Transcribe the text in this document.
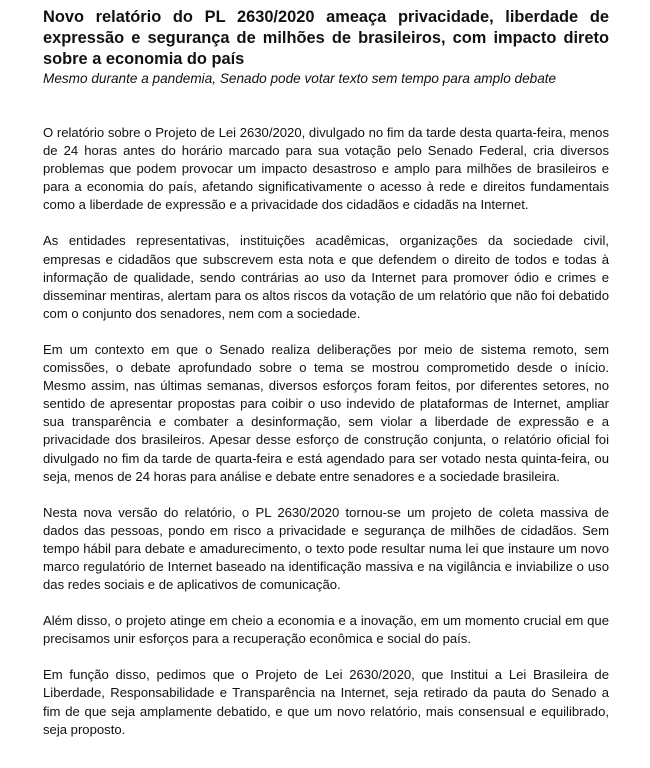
Novo relatório do PL 2630/2020 ameaça privacidade, liberdade de expressão e segurança de milhões de brasileiros, com impacto direto sobre a economia do país

Mesmo durante a pandemia, Senado pode votar texto sem tempo para amplo debate

O relatório sobre o Projeto de Lei 2630/2020, divulgado no fim da tarde desta quarta-feira, menos de 24 horas antes do horário marcado para sua votação pelo Senado Federal, cria diversos problemas que podem provocar um impacto desastroso e amplo para milhões de brasileiros e para a economia do país, afetando significativamente o acesso à rede e direitos fundamentais como a liberdade de expressão e a privacidade dos cidadãos e cidadãs na Internet.

As entidades representativas, instituições acadêmicas, organizações da sociedade civil, empresas e cidadãos que subscrevem esta nota e que defendem o direito de todos e todas à informação de qualidade, sendo contrárias ao uso da Internet para promover ódio e crimes e disseminar mentiras, alertam para os altos riscos da votação de um relatório que não foi debatido com o conjunto dos senadores, nem com a sociedade.

Em um contexto em que o Senado realiza deliberações por meio de sistema remoto, sem comissões, o debate aprofundado sobre o tema se mostrou comprometido desde o início. Mesmo assim, nas últimas semanas, diversos esforços foram feitos, por diferentes setores, no sentido de apresentar propostas para coibir o uso indevido de plataformas de Internet, ampliar sua transparência e combater a desinformação, sem violar a liberdade de expressão e a privacidade dos brasileiros. Apesar desse esforço de construção conjunta, o relatório oficial foi divulgado no fim da tarde de quarta-feira e está agendado para ser votado nesta quinta-feira, ou seja, menos de 24 horas para análise e debate entre senadores e a sociedade brasileira.

Nesta nova versão do relatório, o PL 2630/2020 tornou-se um projeto de coleta massiva de dados das pessoas, pondo em risco a privacidade e segurança de milhões de cidadãos. Sem tempo hábil para debate e amadurecimento, o texto pode resultar numa lei que instaure um novo marco regulatório de Internet baseado na identificação massiva e na vigilância e inviabilize o uso das redes sociais e de aplicativos de comunicação.

Além disso, o projeto atinge em cheio a economia e a inovação, em um momento crucial em que precisamos unir esforços para a recuperação econômica e social do país.

Em função disso, pedimos que o Projeto de Lei 2630/2020, que Institui a Lei Brasileira de Liberdade, Responsabilidade e Transparência na Internet, seja retirado da pauta do Senado a fim de que seja amplamente debatido, e que um novo relatório, mais consensual e equilibrado, seja proposto.
